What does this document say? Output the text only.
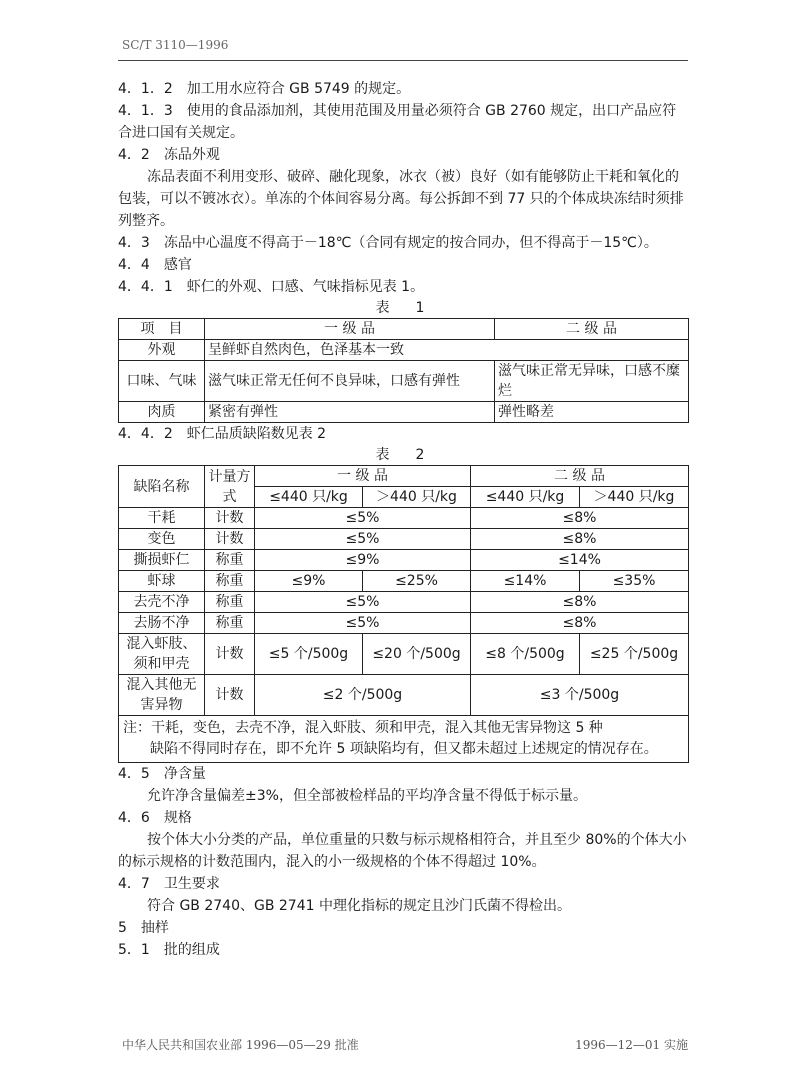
SC/T 3110—1996

4．1．2　加工用水应符合 GB 5749 的规定。

4．1．3　使用的食品添加剂，其使用范围及用量必须符合 GB 2760 规定，出口产品应符合进口国有关规定。

4．2　冻品外观

冻品表面不利用变形、破碎、融化现象，冰衣（被）良好（如有能够防止干耗和氧化的包装，可以不镀冰衣）。单冻的个体间容易分离。每公拆卸不到 77 只的个体成块冻结时须排列整齐。

4．3　冻品中心温度不得高于－18℃（合同有规定的按合同办，但不得高于－15℃）。

4．4　感官

4．4．1　虾仁的外观、口感、气味指标见表 1。

表　1

项　目	一 级 品	二 级 品
外观	呈鲜虾自然肉色，色泽基本一致	
口味、气味	滋气味正常无任何不良异味，口感有弹性	滋气味正常无异味，口感不糜烂
肉质	紧密有弹性	弹性略差

4．4．2　虾仁品质缺陷数见表 2

表　2

缺陷名称	计量方式	一 级 品		二 级 品	
		≤440 只/kg	＞440 只/kg	≤440 只/kg	＞440 只/kg
干耗	计数	≤5%		≤8%	
变色	计数	≤5%		≤8%	
撕损虾仁	称重	≤9%		≤14%	
虾球	称重	≤9%	≤25%	≤14%	≤35%
去壳不净	称重	≤5%		≤8%	
去肠不净	称重	≤5%		≤8%	
混入虾肢、须和甲壳	计数	≤5 个/500g	≤20 个/500g	≤8 个/500g	≤25 个/500g
混入其他无害异物	计数	≤2 个/500g		≤3 个/500g	

注：干耗，变色，去壳不净，混入虾肢、须和甲壳，混入其他无害异物这 5 种
缺陷不得同时存在，即不允许 5 项缺陷均有，但又都未超过上述规定的情况存在。					

4．5　净含量

允许净含量偏差±3%，但全部被检样品的平均净含量不得低于标示量。

4．6　规格

按个体大小分类的产品，单位重量的只数与标示规格相符合，并且至少 80%的个体大小的标示规格的计数范围内，混入的小一级规格的个体不得超过 10%。

4．7　卫生要求

符合 GB 2740、GB 2741 中理化指标的规定且沙门氏菌不得检出。

5　抽样

5．1　批的组成

中华人民共和国农业部 1996—05—29 批准	1996—12—01 实施
